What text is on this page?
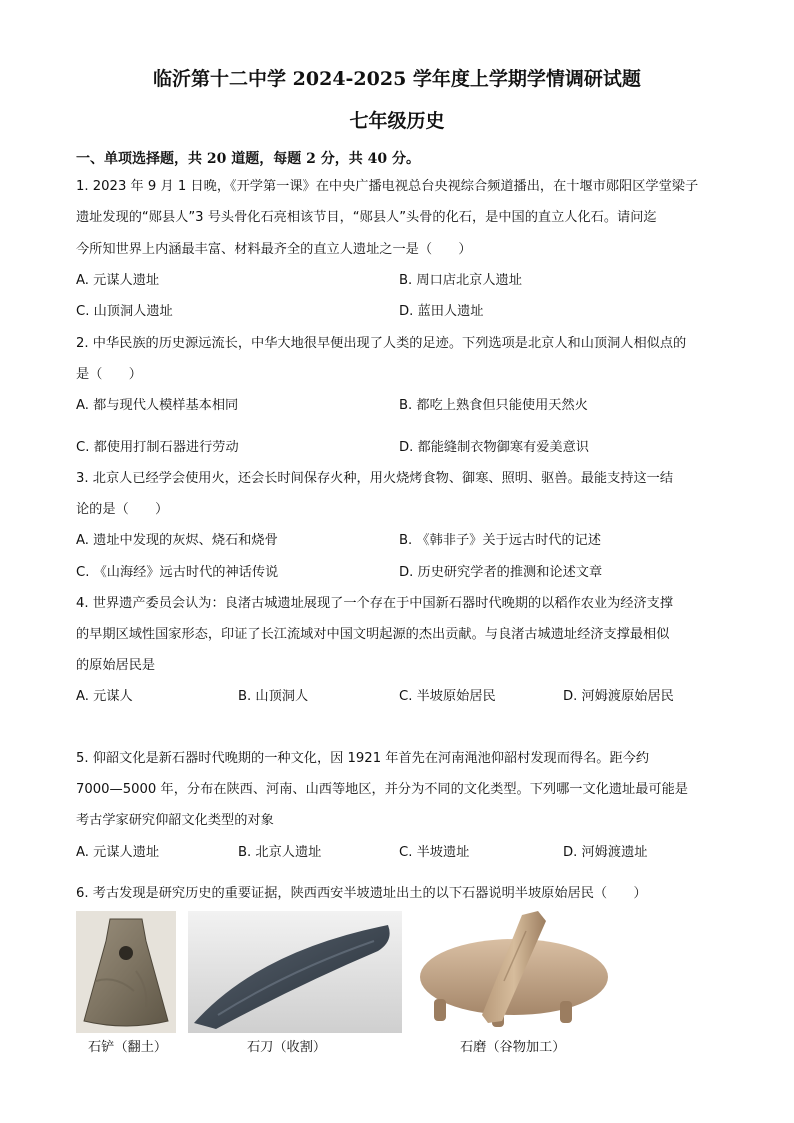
临沂第十二中学 2024-2025 学年度上学期学情调研试题
七年级历史
一、单项选择题，共 20 道题，每题 2 分，共 40 分。
1. 2023 年 9 月 1 日晚，《开学第一课》在中央广播电视总台央视综合频道播出，在十堰市郧阳区学堂梁子
遗址发现的“郧县人”3 号头骨化石亮相该节目，“郧县人”头骨的化石，是中国的直立人化石。请问迄
今所知世界上内涵最丰富、材料最齐全的直立人遗址之一是（　　）
A. 元谋人遗址	B. 周口店北京人遗址
C. 山顶洞人遗址	D. 蓝田人遗址
2. 中华民族的历史源远流长，中华大地很早便出现了人类的足迹。下列选项是北京人和山顶洞人相似点的
是（　　）
A. 都与现代人模样基本相同	B. 都吃上熟食但只能使用天然火
C. 都使用打制石器进行劳动	D. 都能缝制衣物御寒有爱美意识
3. 北京人已经学会使用火，还会长时间保存火种，用火烧烤食物、御寒、照明、驱兽。最能支持这一结
论的是（　　）
A. 遗址中发现的灰烬、烧石和烧骨	B. 《韩非子》关于远古时代的记述
C. 《山海经》远古时代的神话传说	D. 历史研究学者的推测和论述文章
4. 世界遗产委员会认为：良渚古城遗址展现了一个存在于中国新石器时代晚期的以稻作农业为经济支撑
的早期区域性国家形态，印证了长江流域对中国文明起源的杰出贡献。与良渚古城遗址经济支撑最相似
的原始居民是
A. 元谋人	B. 山顶洞人	C. 半坡原始居民	D. 河姆渡原始居民
5. 仰韶文化是新石器时代晚期的一种文化，因 1921 年首先在河南渑池仰韶村发现而得名。距今约
7000—5000 年，分布在陕西、河南、山西等地区，并分为不同的文化类型。下列哪一文化遗址最可能是
考古学家研究仰韶文化类型的对象
A. 元谋人遗址	B. 北京人遗址	C. 半坡遗址	D. 河姆渡遗址
6. 考古发现是研究历史的重要证据，陕西西安半坡遗址出土的以下石器说明半坡原始居民（　　）
石铲（翻土）	石刀（收割）	石磨（谷物加工）
